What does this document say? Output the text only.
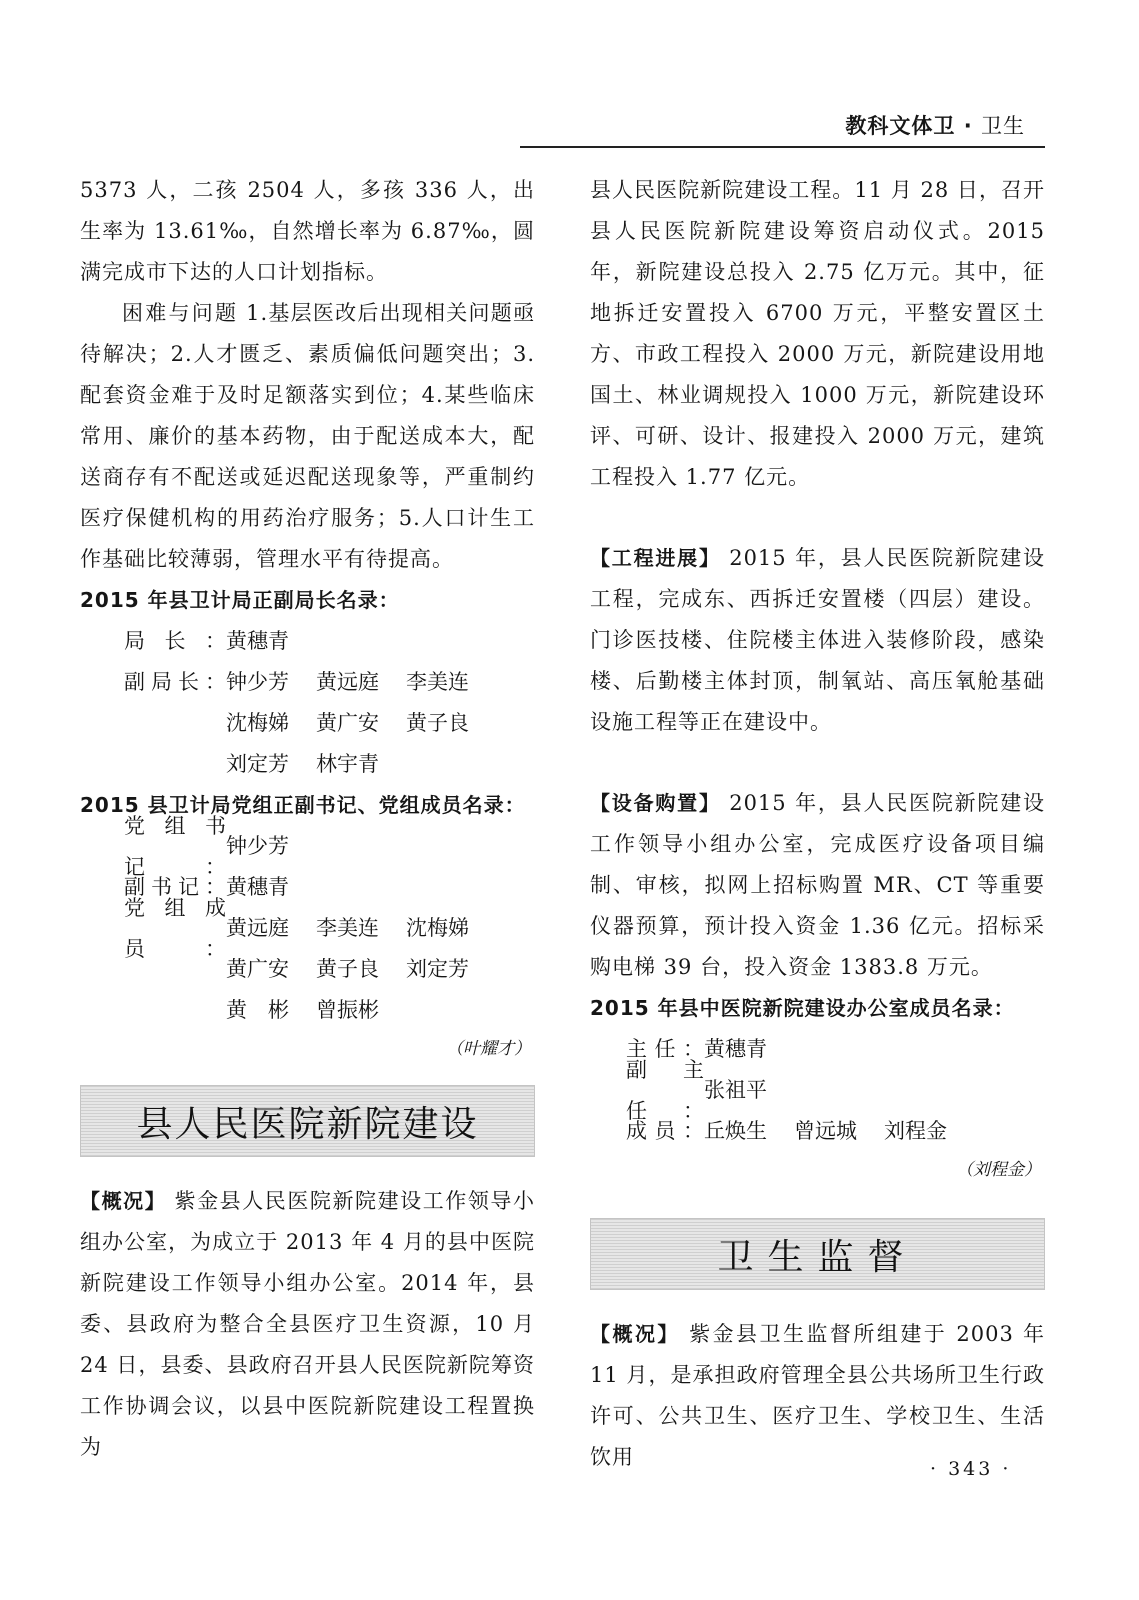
教科文体卫 · 卫生

5373 人，二孩 2504 人，多孩 336 人，出生率为 13.61‰，自然增长率为 6.87‰，圆满完成市下达的人口计划指标。

困难与问题 1.基层医改后出现相关问题亟待解决；2.人才匮乏、素质偏低问题突出；3.配套资金难于及时足额落实到位；4.某些临床常用、廉价的基本药物，由于配送成本大，配送商存有不配送或延迟配送现象等，严重制约医疗保健机构的用药治疗服务；5.人口计生工作基础比较薄弱，管理水平有待提高。

2015 年县卫计局正副局长名录：
局长： 黄穗青
副局长： 钟少芳	黄远庭	李美连
沈梅娣	黄广安	黄子良
刘定芳	林宇青
2015 县卫计局党组正副书记、党组成员名录：
党组书记：
钟少芳
副书记： 黄穗青
党组成员：
黄远庭	李美连	沈梅娣
黄广安	黄子良	刘定芳
黄　彬	曾振彬
（叶耀才）
县人民医院新院建设

【概况】 紫金县人民医院新院建设工作领导小组办公室，为成立于 2013 年 4 月的县中医院新院建设工作领导小组办公室。2014 年，县委、县政府为整合全县医疗卫生资源，10 月 24 日，县委、县政府召开县人民医院新院筹资工作协调会议，以县中医院新院建设工程置换为

县人民医院新院建设工程。11 月 28 日，召开县人民医院新院建设筹资启动仪式。2015 年，新院建设总投入 2.75 亿万元。其中，征地拆迁安置投入 6700 万元，平整安置区土方、市政工程投入 2000 万元，新院建设用地国土、林业调规投入 1000 万元，新院建设环评、可研、设计、报建投入 2000 万元，建筑工程投入 1.77 亿元。

【工程进展】 2015 年，县人民医院新院建设工程，完成东、西拆迁安置楼（四层）建设。门诊医技楼、住院楼主体进入装修阶段，感染楼、后勤楼主体封顶，制氧站、高压氧舱基础设施工程等正在建设中。

【设备购置】 2015 年，县人民医院新院建设工作领导小组办公室，完成医疗设备项目编制、审核，拟网上招标购置 MR、CT 等重要仪器预算，预计投入资金 1.36 亿元。招标采购电梯 39 台，投入资金 1383.8 万元。

2015 年县中医院新院建设办公室成员名录：
主任： 黄穗青
副主任：
张祖平
成员： 丘焕生	曾远城	刘程金
（刘程金）
卫生监督

【概况】 紫金县卫生监督所组建于 2003 年 11 月，是承担政府管理全县公共场所卫生行政许可、公共卫生、医疗卫生、学校卫生、生活饮用	· 343 ·
